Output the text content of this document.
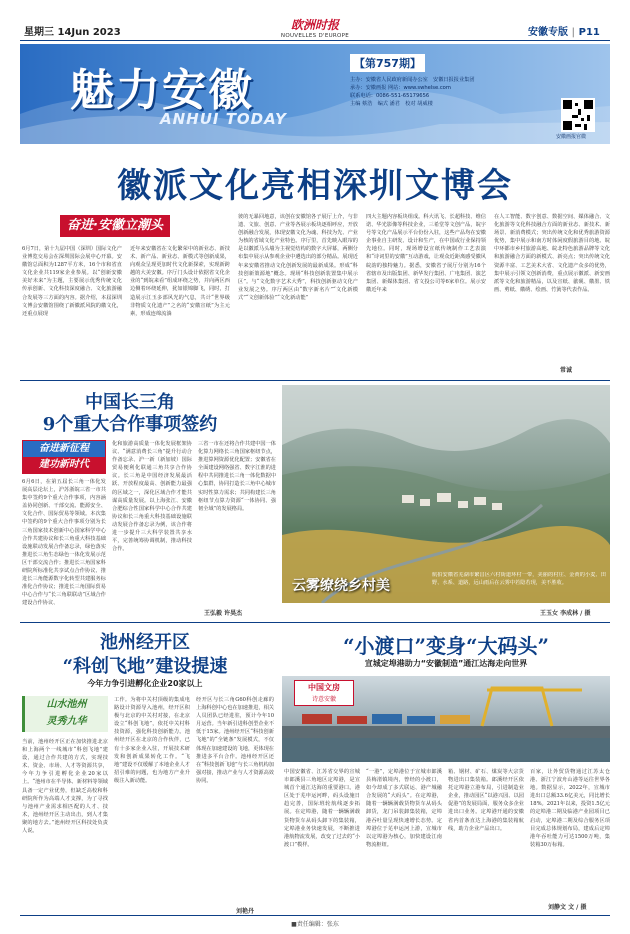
星期三 14Jun 2023
欧洲时报
NOUVELLES D'EUROPE	安徽专版 | P11
魅力安徽
ANHUI TODAY
【第757期】
主办：安徽省人民政府新闻办公室　安徽日报报业集团
承办：安徽画报 网站：www.swhelse.com
联系电话：0086-551-65179656
主编 蔡浩　编式 潘君　校对 胡威楼
安徽画报官微
徽派文化亮相深圳文博会
奋进·安徽立潮头
6月7日，第十九届中国（深圳）国际文化产业博览交易会在深圳国际会展中心开幕。安徽馆总面积为1287平方米，16个市和省直文化企业共119家企业参展。以“创新安徽 美好未来”为主题，主要展示优秀传统文化传承创新、文化科技深度融合、文化旅游融合发展等三方面的内容。据介绍，本届深圳文博会安徽馆围绕了新徽派风院的徽文化，还重点展现
近年来安徽省在文化繁荣中的新业态、新技术、新产品、新业态、新模式等创新成果，向观众呈现更加时代文化新探索，实现新跨越的大美安徽。序厅门头设计依据省文化企业的“到皖来看”组成环绕之势，并向两区西边侧着环绕延伸，犹如银锦脚飞，同时，打造展示江玉多部风光的气息，共计“世界级非物质文化遗产”之名的“安徽宣纸”为主元素，形成连绵流淌
彼的无暴回地意，该创在安徽馆各子展厅上介，与非遗、文旅、创意、产业等各展示板块逐相呼应，开放创新融合发展，体现安徽文化为魂、科技为先、产业为核的省域文化产业特色。序厅里，首先映入眼帘的是以徽派马头墙为主视觉结构的数字大屏幕，两侧分布集中展示从参观企业中遴选出的部分精品。展现近年来安徽省推动文化创新发展的最新成果。形成“科技创新策源地”概念。现场“科技创新装置集中展示区”。与“文化数字艺术大秀”，科技创新驱动文化产业发展之势。序厅两区由“数字新名片”“文化新模式”“文创新体验”“文化新动能”
四大主题内容板块组成。科大讯飞、长超科技、维信诺、华光影像等科技企业，三希堂等文创产品，皖宇号等文化产品展示平台份份入驻，这些产品均在安徽企事业自主研发、设计和生产，在中国或行业保持领先地位。同时，现场增设宣纸传统制作工艺表演和“诗词里的安徽”互动游戏，让观众近距离感受徽风皖韵的独特魅力。据悉，安徽省子展厅分别为16个省辖市及出版集团、新华发行集团、广电集团、演艺集团、新媒体集团、省文投公司等6家单位。展示安徽近年来
在人工智能、数字创意、数据空间、媒体融合、文化旅游等文化科技融合方面的新业态、新技术、新场景、新消费模式；突出传统文化和优秀旅游资源优势，集中展示和南方时体闲度假旅游目的地、皖中环都市乡村旅游高地、皖北特色旅游品牌等文化和旅游融合方面的新模式、新亮点；突出传统文化资源丰富、工艺美术大省、文化遗产众多的优势，集中展示引领文创新消费，重点展示徽派、新安画派等文化和旅游精品，以及宣纸、歙砚、徽墨、铁画、剪纸、徽绣、绘画、竹簧等代表作品。
常诚
中国长三角
9个重大合作事项签约
奋进新征程
建功新时代
6月6日，在第五届长三角一体化发展高层论坛上，沪苏浙皖三省一市共集中签约9个重大合作事项，内容涵盖协同创新、干部交流、能源安全、文化合作、国际贸易等领域。本次集中签约的9个重大合作事项分别为长三角国家技术创新中心国家科学中心合作共建协议和长三角重大科技基础设施联动发展合作备忘录，绿色落实推进长三角生态绿色一体化发展示范区干部交流合作；推进长三角国家科研院所标准化共享试点合作协议、推进长三角能源数字化转型共建服务标准化合作协议；推进长三角国际贸易中心合作与“长三角联联动”区域合作建设合作协议、
化和旅游高质量一体化发展框架协议、“满意消费长三角”提升行动合作备忘录、沪一新（新加坡）国际贸易便利化联通三角共享合作协议。长三角是中国经济发展最活跃、开放程度最高、创新能力最强的区域之一，深化区域合作才能共谋高质量发展。以上海张江、安徽合肥综合性国家科学中心合作共建协议和长三角重大科技基础设施联动发展合作备忘录为例，该合作将进一步提升三大科学装置共享水平，完善统筹协调机制，推动科技合作。
三省一市在还将合作共建中国一体化算力网络长三角国家枢纽节点，推进算网资源优化配置；安徽省在全面建设网络强省、数字江淮的进程中共同推进长三角一体化数据中心集群，协同打造长三角中心城市实时性算力需求；共同构建长三角枢纽节点算力资源“一体协同、强韧全域”的发展格局。
王弘毅 许昊杰
云雾缭绕乡村美
航拍安徽省芜湖市繁昌区六村街道环村一带，美丽的村庄、金黄的小麦、田野、水系、道路，远山雨后在云雾中若隐若现，美不胜收。
王玉女 李成林 / 摄
池州经开区
“科创飞地”建设提速
今年力争引进孵化企业20家以上
山水池州
灵秀九华
当前，池州经开区正在加快推进北京和上海两个一线城市“科创飞地”建设，通过合作共建的方式，实现技术、资金、市场、人才等资源共享，今年力争引进孵化企业20家以上。“池州市在半导体、新材料等领域具备一定产业优势，但缺乏高校和科研院所作为高端人才支撑，为了寻找与池州产业需求相匹配的人才、技术，池州经开区主动出击，到人才集聚的地方去。”池州经开区科技处负责人说。
工作。为将中关村顶级的集成电路设计资源导入池州，经开区积极与北京的中关村对接，在北京设立“科创飞地”，依托中关村科技资源，强化科技创新能力。池州经开区在北京的合作伙伴，已有十多家企业入驻，开展技术研发和创新成果转化工作。“飞地”建设不仅缓解了本地企业人才招引难的问题，也为地方产业升级注入新动能。
经开区与长三角G60科创走廊的上海科创中心也在加速推进，相关人员团队已经进驻，预计今年10月运营。当年新引进科创型企业不低于15家。池州经开区“科技创新飞地”的“全链条”发展模式，不仅体现在加速建设的飞地，更体现在推进多平台合作。池州经开区还在“科技创新飞地”与长三角机构加强对接，推动产业与人才资源高效协同。
刘艳丹
“小渡口”变身“大码头”
宣城定埠港助力“安徽制造”通江达海走向世界
中国文房
诗意安徽
中国安徽省、江苏省交界的宣城市郎溪县三角地区定埠港，是宣城首个通江达海的重要港口。港区处于芜申运河畔，码头设施日趋完善，国际班轮航线逐步拓展。在定埠港，随着一辆辆满载货物货车从码头卸下的集装箱，定埠港业务快速发展，不断推进港航物流发展，改变了过去的“小渡口”模样。
“一港”，定埠港位于宣城市郎溪县梅渚镇境内，曾经的小渡口，如今却成了多式联运、港产城融合发展的“大码头”。在定埠港，随着一辆辆满载货物货车从码头卸货，龙门吊装卸集装箱，定埠港吞吐量呈现快速增长态势。定埠港位于芜申运河上游，宣城市以定埠港为核心，加快建设江南物流枢纽。
箱、钢材、矿石、煤炭等大宗货物进出口集装箱。郎溪经开区依托定埠港立港布局，引进制造业企业，推动园区“以港兴园、以园促港”的发展局面，服务众多企业进出口业务。定埠港开通的安徽省内首条直达上海港的集装箱航线，助力企业产品出口。
百家，让外贸货物通过江苏太仓港、浙江宁波舟山港等运往世界各地。数据显示，2022年，宣城市进出口总额33.6亿美元，同比增长18%。2021年以来，投资1.5亿元的定埠港二期及临港产业园项目已启动，定埠港二期及综合服务区项目完成总体规划布局，建成后定埠港年吞吐能力可达1500万吨，集装箱30万标箱。
刘静文 文 / 摄
■责任编辑：张东
